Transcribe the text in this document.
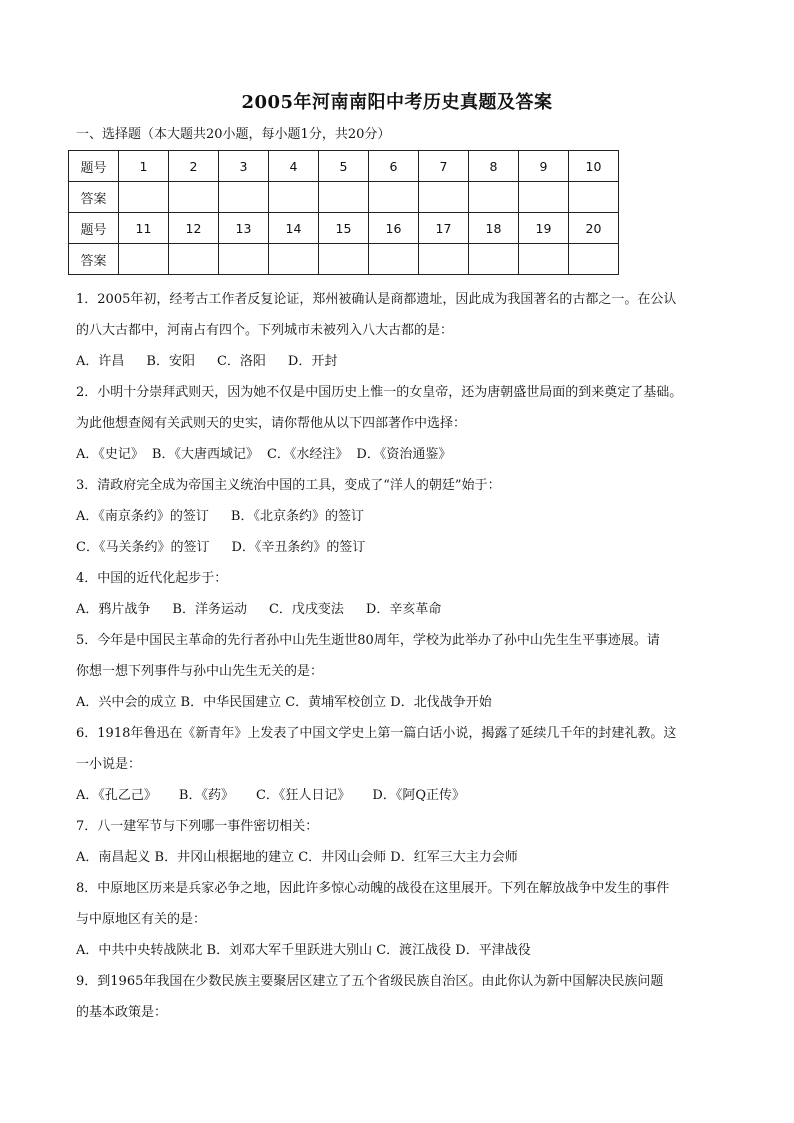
2005年河南南阳中考历史真题及答案
一、选择题（本大题共20小题，每小题1分，共20分）
题号	1	2	3	4	5	6	7	8	9	10
答案										
题号	11	12	13	14	15	16	17	18	19	20
答案										
1．2005年初，经考古工作者反复论证，郑州被确认是商都遗址，因此成为我国著名的古都之一。在公认
的八大古都中，河南占有四个。下列城市未被列入八大古都的是：
A．许昌 B．安阳 C．洛阳 D．开封
2．小明十分崇拜武则天，因为她不仅是中国历史上惟一的女皇帝，还为唐朝盛世局面的到来奠定了基础。
为此他想查阅有关武则天的史实，请你帮他从以下四部著作中选择：
A．《史记》 B．《大唐西域记》 C．《水经注》 D．《资治通鉴》
3．清政府完全成为帝国主义统治中国的工具，变成了“洋人的朝廷”始于：
A．《南京条约》的签订 B．《北京条约》的签订
C．《马关条约》的签订 D．《辛丑条约》的签订
4．中国的近代化起步于：
A．鸦片战争 B．洋务运动 C．戊戌变法 D．辛亥革命
5．今年是中国民主革命的先行者孙中山先生逝世80周年，学校为此举办了孙中山先生生平事迹展。请
你想一想下列事件与孙中山先生无关的是：
A．兴中会的成立 B．中华民国建立 C．黄埔军校创立 D．北伐战争开始
6．1918年鲁迅在《新青年》上发表了中国文学史上第一篇白话小说，揭露了延续几千年的封建礼教。这
一小说是：
A．《孔乙己》 B．《药》 C．《狂人日记》 D．《阿Q正传》
7．八一建军节与下列哪一事件密切相关：
A．南昌起义 B．井冈山根据地的建立 C．井冈山会师 D．红军三大主力会师
8．中原地区历来是兵家必争之地，因此许多惊心动魄的战役在这里展开。下列在解放战争中发生的事件
与中原地区有关的是：
A．中共中央转战陕北 B．刘邓大军千里跃进大别山 C．渡江战役 D．平津战役
9．到1965年我国在少数民族主要聚居区建立了五个省级民族自治区。由此你认为新中国解决民族问题
的基本政策是：
